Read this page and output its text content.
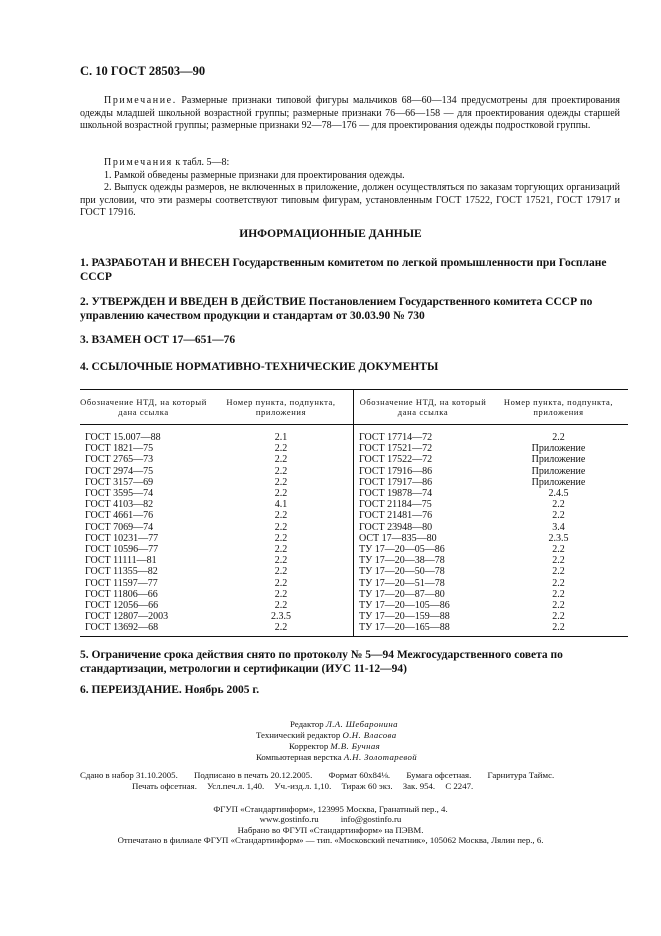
С. 10 ГОСТ 28503—90
Примечание. Размерные признаки типовой фигуры мальчиков 68—60—134 предусмотрены для проектирования одежды младшей школьной возрастной группы; размерные признаки 76—66—158 — для проектирования одежды старшей школьной возрастной группы; размерные признаки 92—78—176 — для проектирования одежды подростковой группы.
Примечания к табл. 5—8:
1. Рамкой обведены размерные признаки для проектирования одежды.
2. Выпуск одежды размеров, не включенных в приложение, должен осуществляться по заказам торгующих организаций при условии, что эти размеры соответствуют типовым фигурам, установленным ГОСТ 17522, ГОСТ 17521, ГОСТ 17917 и ГОСТ 17916.
ИНФОРМАЦИОННЫЕ ДАННЫЕ
1. РАЗРАБОТАН И ВНЕСЕН Государственным комитетом по легкой промышленности при Госплане СССР
2. УТВЕРЖДЕН И ВВЕДЕН В ДЕЙСТВИЕ Постановлением Государственного комитета СССР по управлению качеством продукции и стандартам от 30.03.90 № 730
3. ВЗАМЕН ОСТ 17—651—76
4. ССЫЛОЧНЫЕ НОРМАТИВНО-ТЕХНИЧЕСКИЕ ДОКУМЕНТЫ
Обозначение НТД, на который дана ссылка	Номер пункта, подпункта, приложения	Обозначение НТД, на который дана ссылка	Номер пункта, подпункта, приложения

ГОСТ 15.007—88	2.1	ГОСТ 17714—72	2.2
ГОСТ 1821—75	2.2	ГОСТ 17521—72	Приложение
ГОСТ 2765—73	2.2	ГОСТ 17522—72	Приложение
ГОСТ 2974—75	2.2	ГОСТ 17916—86	Приложение
ГОСТ 3157—69	2.2	ГОСТ 17917—86	Приложение
ГОСТ 3595—74	2.2	ГОСТ 19878—74	2.4.5
ГОСТ 4103—82	4.1	ГОСТ 21184—75	2.2
ГОСТ 4661—76	2.2	ГОСТ 21481—76	2.2
ГОСТ 7069—74	2.2	ГОСТ 23948—80	3.4
ГОСТ 10231—77	2.2	ОСТ 17—835—80	2.3.5
ГОСТ 10596—77	2.2	ТУ 17—20—05—86	2.2
ГОСТ 11111—81	2.2	ТУ 17—20—38—78	2.2
ГОСТ 11355—82	2.2	ТУ 17—20—50—78	2.2
ГОСТ 11597—77	2.2	ТУ 17—20—51—78	2.2
ГОСТ 11806—66	2.2	ТУ 17—20—87—80	2.2
ГОСТ 12056—66	2.2	ТУ 17—20—105—86	2.2
ГОСТ 12807—2003	2.3.5	ТУ 17—20—159—88	2.2
ГОСТ 13692—68	2.2	ТУ 17—20—165—88	2.2
5. Ограничение срока действия снято по протоколу № 5—94 Межгосударственного совета по стандартизации, метрологии и сертификации (ИУС 11-12—94)
6. ПЕРЕИЗДАНИЕ. Ноябрь 2005 г.
Редактор Л.А. Шебаронина
Технический редактор О.Н. Власова
Корректор М.В. Бучная
Компьютерная верстка А.Н. Золотаревой
Сдано в набор 31.10.2005. Подписано в печать 20.12.2005. Формат 60х84⅛. Бумага офсетная. Гарнитура Таймс.
Печать офсетная. Усл.печ.л. 1,40. Уч.-изд.л. 1,10. Тираж 60 экз. Зак. 954. С 2247.
ФГУП «Стандартинформ», 123995 Москва, Гранатный пер., 4.
www.gostinfo.ru          info@gostinfo.ru
Набрано во ФГУП «Стандартинформ» на ПЭВМ.
Отпечатано в филиале ФГУП «Стандартинформ» — тип. «Московский печатник», 105062 Москва, Лялин пер., 6.
